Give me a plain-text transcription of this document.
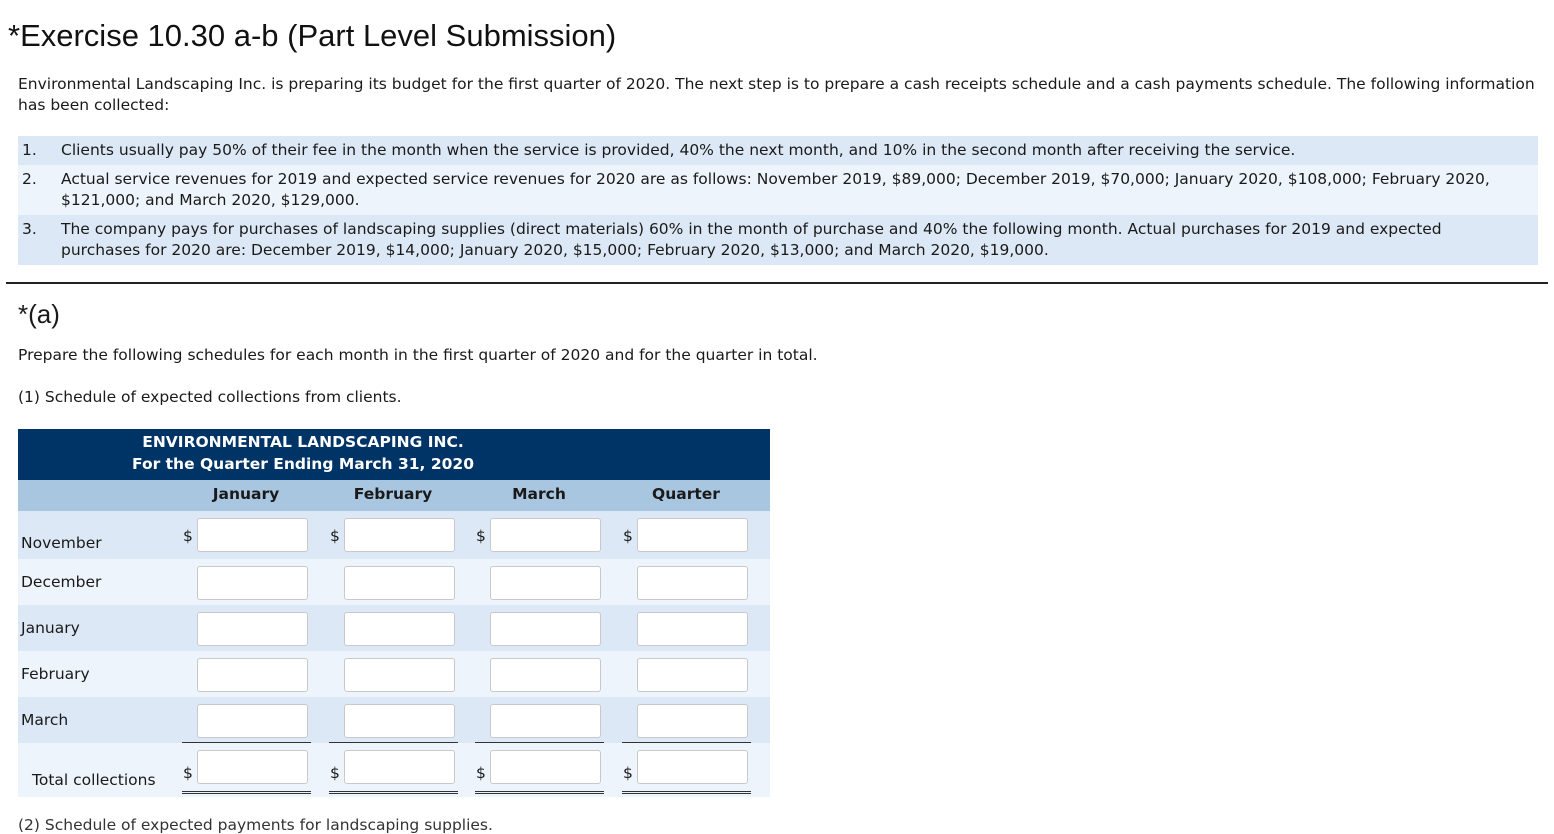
*Exercise 10.30 a-b (Part Level Submission)
Environmental Landscaping Inc. is preparing its budget for the first quarter of 2020. The next step is to prepare a cash receipts schedule and a cash payments schedule. The following information has been collected:
1.	Clients usually pay 50% of their fee in the month when the service is provided, 40% the next month, and 10% in the second month after receiving the service.
2.	Actual service revenues for 2019 and expected service revenues for 2020 are as follows: November 2019, $89,000; December 2019, $70,000; January 2020, $108,000; February 2020, $121,000; and March 2020, $129,000.
3.	The company pays for purchases of landscaping supplies (direct materials) 60% in the month of purchase and 40% the following month. Actual purchases for 2019 and expected purchases for 2020 are: December 2019, $14,000; January 2020, $15,000; February 2020, $13,000; and March 2020, $19,000.
*(a)
Prepare the following schedules for each month in the first quarter of 2020 and for the quarter in total.
(1) Schedule of expected collections from clients.
ENVIRONMENTAL LANDSCAPING INC.
For the Quarter Ending March 31, 2020
January	February	March	Quarter
November	$	$	$	$
December
January
February
March
Total collections $	$	$	$
(2) Schedule of expected payments for landscaping supplies.
